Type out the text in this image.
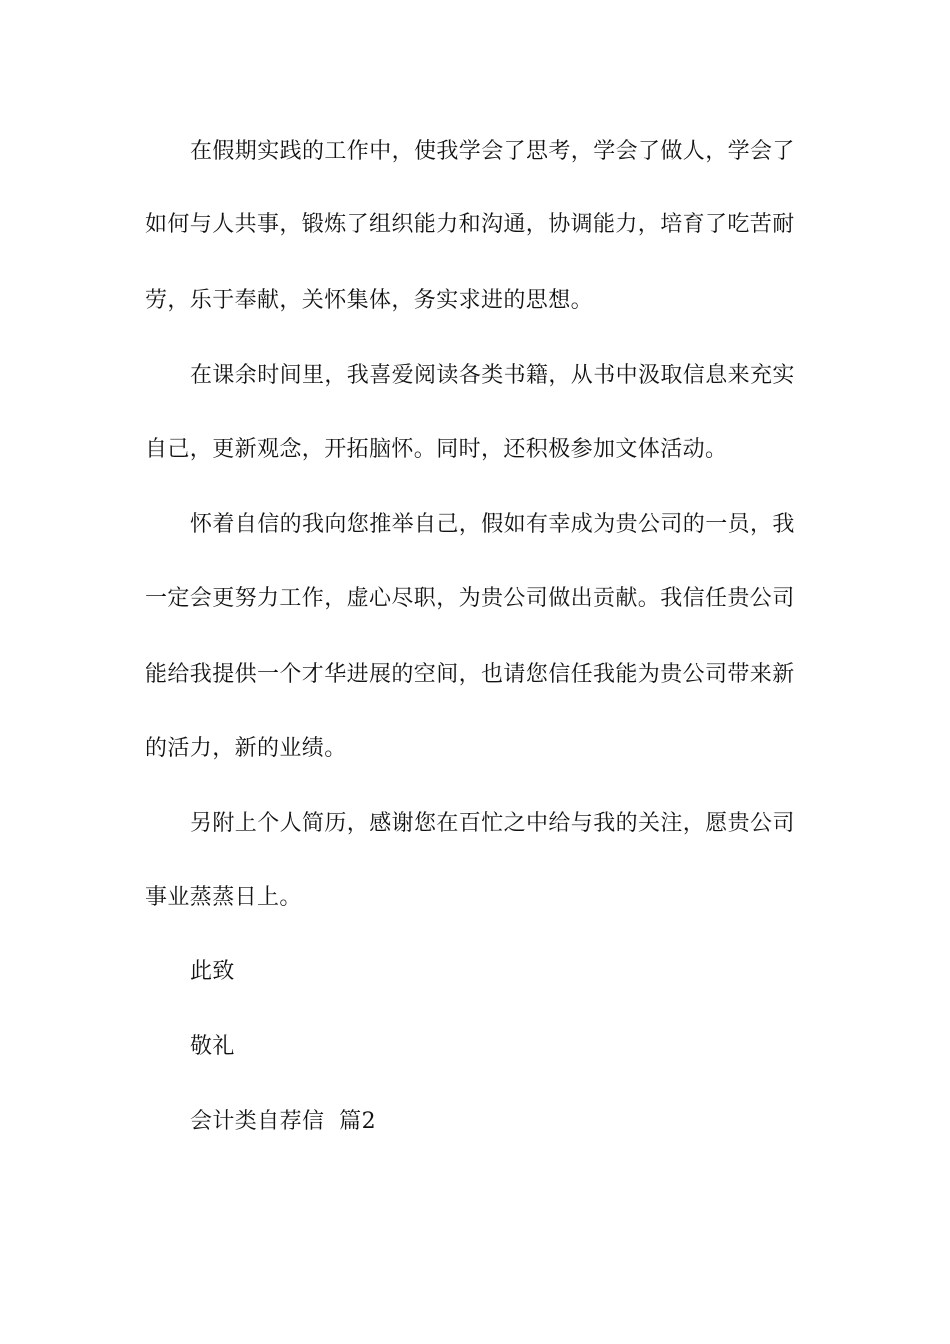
在假期实践的工作中，使我学会了思考，学会了做人，学会了
如何与人共事，锻炼了组织能力和沟通，协调能力，培育了吃苦耐
劳，乐于奉献，关怀集体，务实求进的思想。
在课余时间里，我喜爱阅读各类书籍，从书中汲取信息来充实
自己，更新观念，开拓脑怀。同时，还积极参加文体活动。
怀着自信的我向您推举自己，假如有幸成为贵公司的一员，我
一定会更努力工作，虚心尽职，为贵公司做出贡献。我信任贵公司
能给我提供一个才华进展的空间，也请您信任我能为贵公司带来新
的活力，新的业绩。
另附上个人简历，感谢您在百忙之中给与我的关注，愿贵公司
事业蒸蒸日上。
此致
敬礼
会计类自荐信  篇2
